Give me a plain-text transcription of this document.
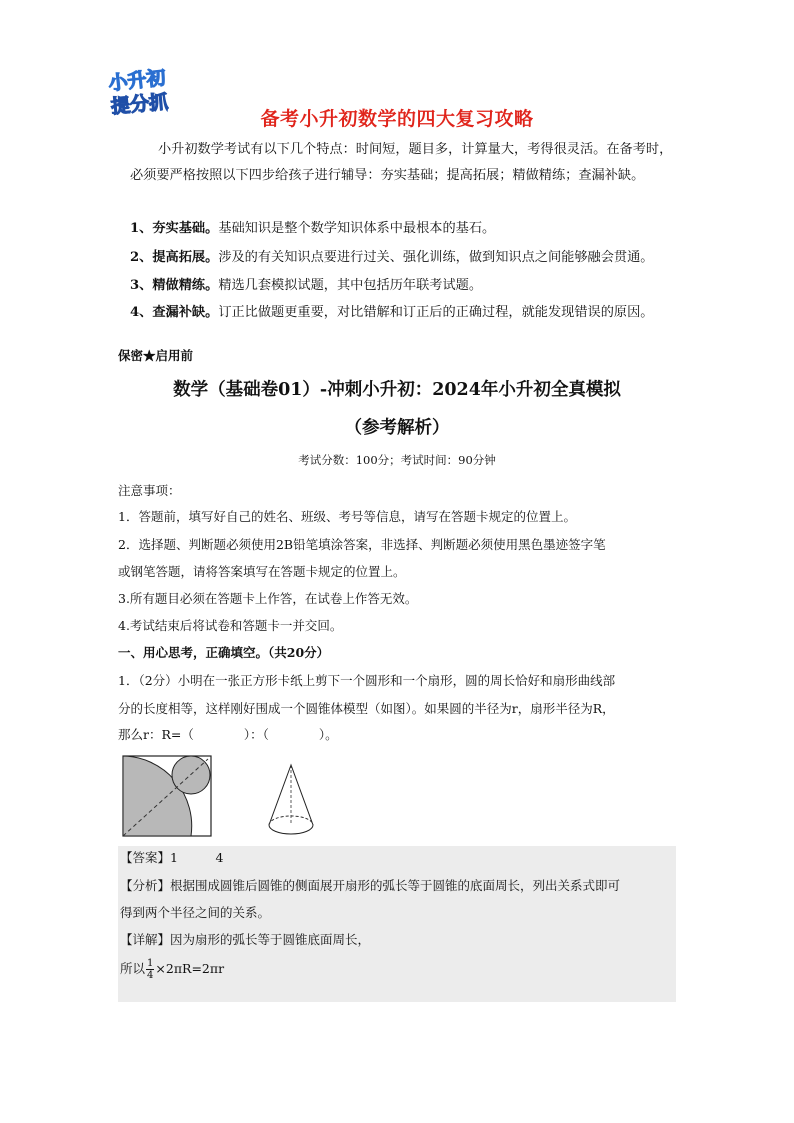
小升初
提分抓
备考小升初数学的四大复习攻略
小升初数学考试有以下几个特点：时间短，题目多，计算量大，考得很灵活。在备考时，必须要严格按照以下四步给孩子进行辅导：夯实基础；提高拓展；精做精练；查漏补缺。
1、夯实基础。基础知识是整个数学知识体系中最根本的基石。
2、提高拓展。涉及的有关知识点要进行过关、强化训练，做到知识点之间能够融会贯通。
3、精做精练。精选几套模拟试题，其中包括历年联考试题。
4、查漏补缺。订正比做题更重要，对比错解和订正后的正确过程，就能发现错误的原因。
保密★启用前
数学（基础卷01）-冲刺小升初：2024年小升初全真模拟
（参考解析）
考试分数：100分；考试时间：90分钟
注意事项：
1．答题前，填写好自己的姓名、班级、考号等信息，请写在答题卡规定的位置上。
2．选择题、判断题必须使用2B铅笔填涂答案，非选择、判断题必须使用黑色墨迹签字笔
或钢笔答题，请将答案填写在答题卡规定的位置上。
3.所有题目必须在答题卡上作答，在试卷上作答无效。
4.考试结束后将试卷和答题卡一并交回。
一、用心思考，正确填空。（共20分）
1．（2分）小明在一张正方形卡纸上剪下一个圆形和一个扇形，圆的周长恰好和扇形曲线部
分的长度相等，这样刚好围成一个圆锥体模型（如图）。如果圆的半径为r，扇形半径为R，
那么r：R=（　　　　）：（　　　　）。
【答案】1　　　4
【分析】根据围成圆锥后圆锥的侧面展开扇形的弧长等于圆锥的底面周长，列出关系式即可
得到两个半径之间的关系。
【详解】因为扇形的弧长等于圆锥底面周长，
所以 $\frac{1}{4} \times 2\pi R=2\pi r$
